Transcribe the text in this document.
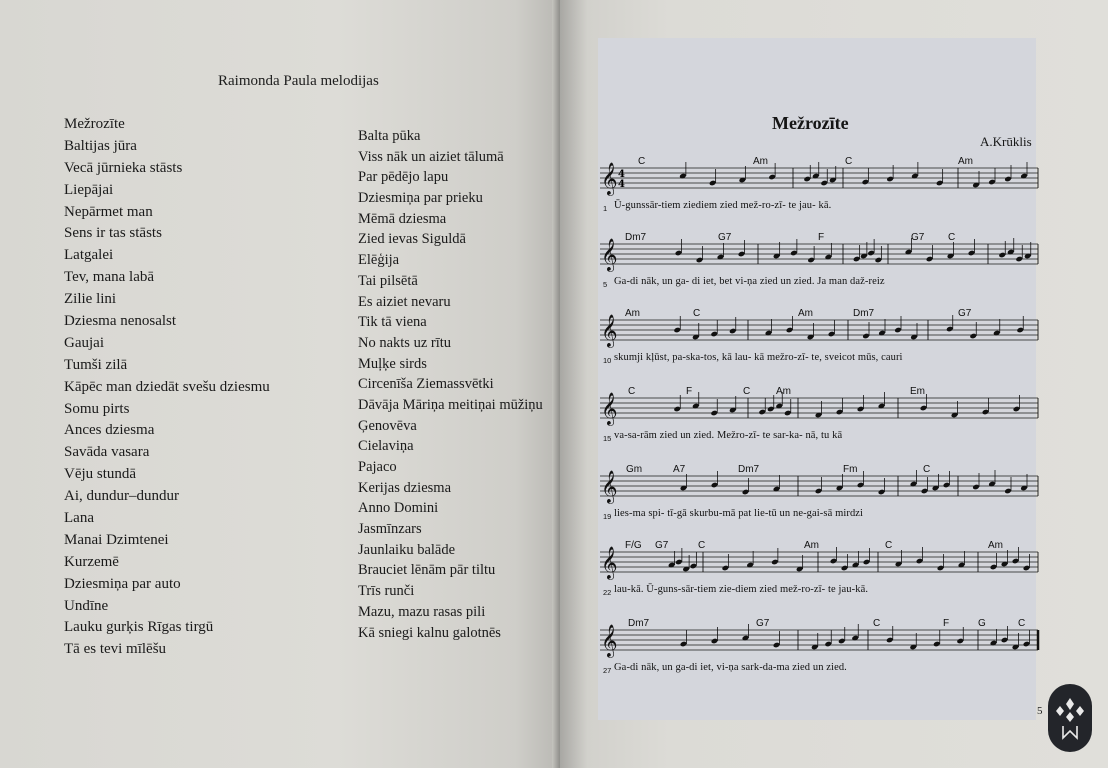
Raimonda Paula melodijas
Mežrozīte
Baltijas jūra
Vecā jūrnieka stāsts
Liepājai
Nepārmet man
Sens ir tas stāsts
Latgalei
Tev, mana labā
Zilie lini
Dziesma nenosalst
Gaujai
Tumši zilā
Kāpēc man dziedāt svešu dziesmu
Somu pirts
Ances dziesma
Savāda vasara
Vēju stundā
Ai, dundur–dundur
Lana
Manai Dzimtenei
Kurzemē
Dziesmiņa par auto
Undīne
Lauku gurķis Rīgas tirgū
Tā es tevi mīlēšu
Balta pūka
Viss nāk un aiziet tālumā
Par pēdējo lapu
Dziesmiņa par prieku
Mēmā dziesma
Zied ievas Siguldā
Elēģija
Tai pilsētā
Es aiziet nevaru
Tik tā viena
No nakts uz rītu
Muļķe sirds
Circenīša Ziemassvētki
Dāvāja Māriņa meitiņai mūžiņu
Ģenovēva
Cielaviņa
Pajaco
Kerijas dziesma
Anno Domini
Jasmīnzars
Jaunlaiku balāde
Brauciet lēnām pār tiltu
Trīs runči
Mazu, mazu rasas pili
Kā sniegi kalnu galotnēs
Mežrozīte
A.Krūklis
𝄞 4
4
C	Am	C	Am
1 Ū-gunssār-tiem ziediem zied mež-ro-zī- te jau- kā.
𝄞
Dm7	G7	F	G7 C
5 Ga-di nāk, un ga- di iet, bet vi-ņa zied un zied. Ja man daž-reiz
𝄞
Am	C	Am	Dm7	G7
10 skumji kļūst, pa-ska-tos, kā lau- kā mežro-zī- te, sveicot mūs, cauri
𝄞
C	F	C	Am	Em
15 va-sa-rām zied un zied. Mežro-zī- te sar-ka- nā, tu kā
𝄞
Gm	A7	Dm7	Fm	C
19 lies-ma spi- tī-gā skurbu-mā pat lie-tū un ne-gai-sā mirdzi
𝄞
F/G G7	C	Am	C	Am
22 lau-kā. Ū-guns-sār-tiem zie-diem zied mež-ro-zī- te jau-kā.
𝄞
Dm7	G7	C	F	G	C
27 Ga-di nāk, un ga-di iet, vi-ņa sark-da-ma zied un zied.
5
